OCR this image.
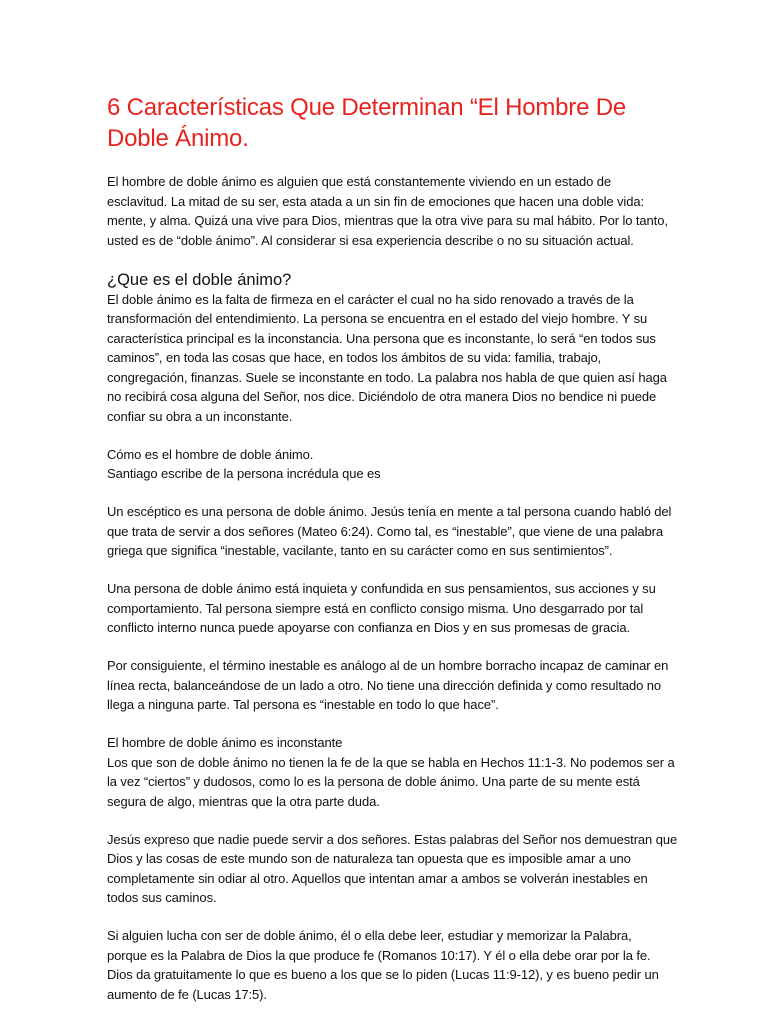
6 Características Que Determinan “El Hombre De
Doble Ánimo.

El hombre de doble ánimo es alguien que está constantemente viviendo en un estado de
esclavitud. La mitad de su ser, esta atada a un sin fin de emociones que hacen una doble vida:
mente, y alma. Quizá una vive para Dios, mientras que la otra vive para su mal hábito. Por lo tanto,
usted es de “doble ánimo”. Al considerar si esa experiencia describe o no su situación actual.

¿Que es el doble ánimo?

El doble ánimo es la falta de firmeza en el carácter el cual no ha sido renovado a través de la
transformación del entendimiento. La persona se encuentra en el estado del viejo hombre. Y su
característica principal es la inconstancia. Una persona que es inconstante, lo será “en todos sus
caminos”, en toda las cosas que hace, en todos los ámbitos de su vida: familia, trabajo,
congregación, finanzas. Suele se inconstante en todo. La palabra nos habla de que quien así haga
no recibirá cosa alguna del Señor, nos dice. Diciéndolo de otra manera Dios no bendice ni puede
confiar su obra a un inconstante.

Cómo es el hombre de doble ánimo.
Santiago escribe de la persona incrédula que es

Un escéptico es una persona de doble ánimo. Jesús tenía en mente a tal persona cuando habló del
que trata de servir a dos señores (Mateo 6:24). Como tal, es “inestable”, que viene de una palabra
griega que significa “inestable, vacilante, tanto en su carácter como en sus sentimientos”.

Una persona de doble ánimo está inquieta y confundida en sus pensamientos, sus acciones y su
comportamiento. Tal persona siempre está en conflicto consigo misma. Uno desgarrado por tal
conflicto interno nunca puede apoyarse con confianza en Dios y en sus promesas de gracia.

Por consiguiente, el término inestable es análogo al de un hombre borracho incapaz de caminar en
línea recta, balanceándose de un lado a otro. No tiene una dirección definida y como resultado no
llega a ninguna parte. Tal persona es “inestable en todo lo que hace”.

El hombre de doble ánimo es inconstante
Los que son de doble ánimo no tienen la fe de la que se habla en Hechos 11:1-3. No podemos ser a
la vez “ciertos” y dudosos, como lo es la persona de doble ánimo. Una parte de su mente está
segura de algo, mientras que la otra parte duda.

Jesús expreso que nadie puede servir a dos señores. Estas palabras del Señor nos demuestran que
Dios y las cosas de este mundo son de naturaleza tan opuesta que es imposible amar a uno
completamente sin odiar al otro. Aquellos que intentan amar a ambos se volverán inestables en
todos sus caminos.

Si alguien lucha con ser de doble ánimo, él o ella debe leer, estudiar y memorizar la Palabra,
porque es la Palabra de Dios la que produce fe (Romanos 10:17). Y él o ella debe orar por la fe.
Dios da gratuitamente lo que es bueno a los que se lo piden (Lucas 11:9-12), y es bueno pedir un
aumento de fe (Lucas 17:5).
